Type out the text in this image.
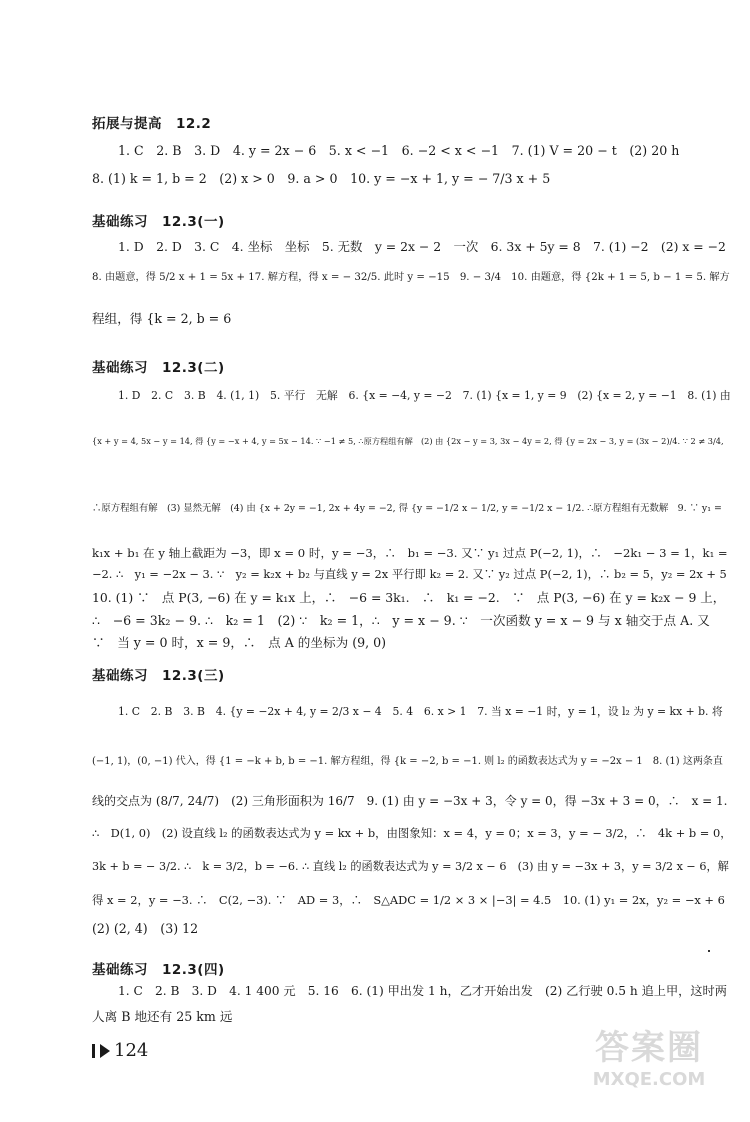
拓展与提高　12.2
1. C　2. B　3. D　4. y = 2x − 6　5. x < −1　6. −2 < x < −1　7. (1) V = 20 − t　(2) 20 h
8. (1) k = 1, b = 2　(2) x > 0　9. a > 0　10. y = −x + 1, y = − 7/3 x + 5
基础练习　12.3(一)
1. D　2. D　3. C　4. 坐标　坐标　5. 无数　y = 2x − 2　一次　6. 3x + 5y = 8　7. (1) −2　(2) x = −2
8. 由题意，得 5/2 x + 1 = 5x + 17. 解方程，得 x = − 32/5. 此时 y = −15　9. − 3/4　10. 由题意，得 {2k + 1 = 5, b − 1 = 5. 解方
程组，得 {k = 2, b = 6
基础练习　12.3(二)
1. D　2. C　3. B　4. (1, 1)　5. 平行　无解　6. {x = −4, y = −2　7. (1) {x = 1, y = 9　(2) {x = 2, y = −1　8. (1) 由
{x + y = 4, 5x − y = 14, 得 {y = −x + 4, y = 5x − 14. ∵ −1 ≠ 5, ∴原方程组有解　(2) 由 {2x − y = 3, 3x − 4y = 2, 得 {y = 2x − 3, y = (3x − 2)/4. ∵ 2 ≠ 3/4,
∴原方程组有解　(3) 显然无解　(4) 由 {x + 2y = −1, 2x + 4y = −2, 得 {y = −1/2 x − 1/2, y = −1/2 x − 1/2. ∴原方程组有无数解　9. ∵ y₁ =
k₁x + b₁ 在 y 轴上截距为 −3，即 x = 0 时，y = −3，∴　b₁ = −3. 又∵ y₁ 过点 P(−2, 1)，∴　−2k₁ − 3 = 1，k₁ =
−2. ∴　y₁ = −2x − 3. ∵　y₂ = k₂x + b₂ 与直线 y = 2x 平行即 k₂ = 2. 又∵ y₂ 过点 P(−2, 1)，∴ b₂ = 5，y₂ = 2x + 5
10. (1) ∵　点 P(3, −6) 在 y = k₁x 上，∴　−6 = 3k₁.　∴　k₁ = −2.　∵　点 P(3, −6) 在 y = k₂x − 9 上，
∴　−6 = 3k₂ − 9. ∴　k₂ = 1　(2) ∵　k₂ = 1，∴　y = x − 9. ∵　一次函数 y = x − 9 与 x 轴交于点 A. 又
∵　当 y = 0 时，x = 9，∴　点 A 的坐标为 (9, 0)
基础练习　12.3(三)
1. C　2. B　3. B　4. {y = −2x + 4, y = 2/3 x − 4　5. 4　6. x > 1　7. 当 x = −1 时，y = 1，设 l₂ 为 y = kx + b. 将
(−1, 1)，(0, −1) 代入，得 {1 = −k + b, b = −1. 解方程组，得 {k = −2, b = −1. 则 l₂ 的函数表达式为 y = −2x − 1　8. (1) 这两条直
线的交点为 (8/7, 24/7)　(2) 三角形面积为 16/7　9. (1) 由 y = −3x + 3，令 y = 0，得 −3x + 3 = 0，∴　x = 1.
∴　D(1, 0)　(2) 设直线 l₂ 的函数表达式为 y = kx + b，由图象知：x = 4，y = 0；x = 3，y = − 3/2，∴　4k + b = 0，
3k + b = − 3/2. ∴　k = 3/2，b = −6. ∴ 直线 l₂ 的函数表达式为 y = 3/2 x − 6　(3) 由 y = −3x + 3，y = 3/2 x − 6，解
得 x = 2，y = −3. ∴　C(2, −3). ∵　AD = 3，∴　S△ADC = 1/2 × 3 × |−3| = 4.5　10. (1) y₁ = 2x，y₂ = −x + 6
(2) (2, 4)　(3) 12
基础练习　12.3(四)
1. C　2. B　3. D　4. 1 400 元　5. 16　6. (1) 甲出发 1 h，乙才开始出发　(2) 乙行驶 0.5 h 追上甲，这时两
人离 B 地还有 25 km 远
124	答案圈
MXQE.COM
